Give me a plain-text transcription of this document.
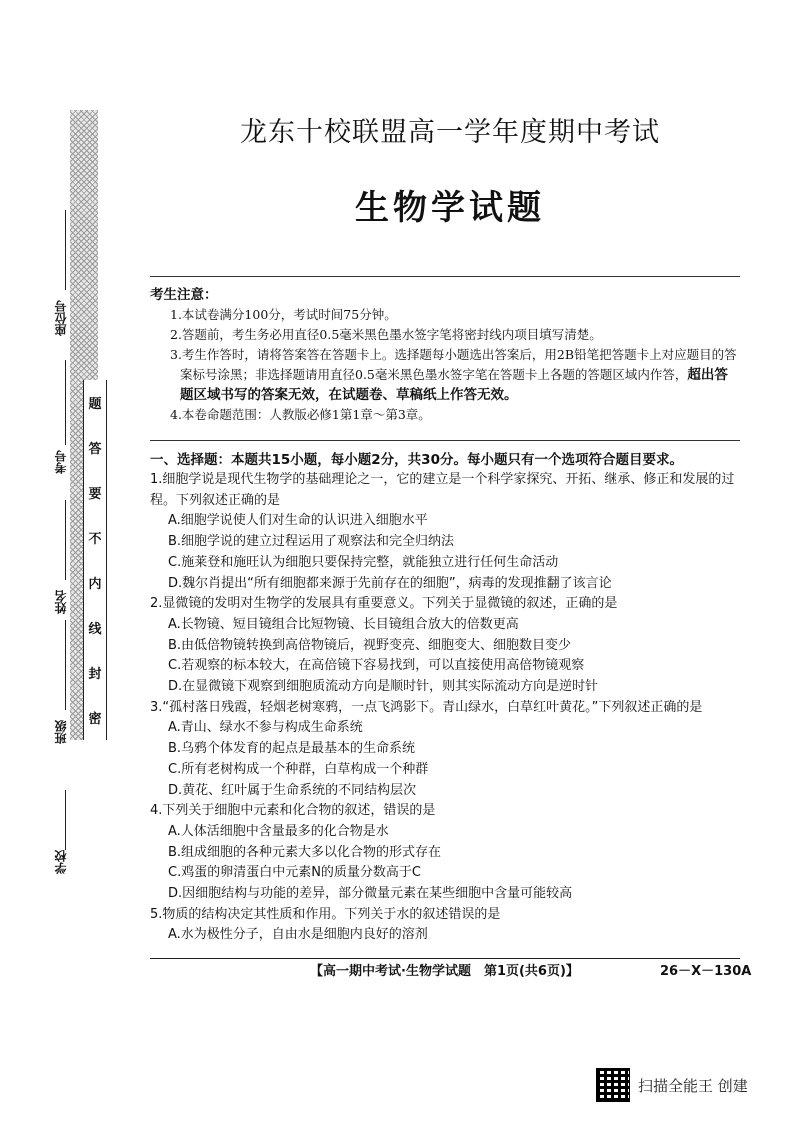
题
答
要
不
内
线
封
密
学校
班级
姓名
考号
座位号
龙东十校联盟高一学年度期中考试
生物学试题
考生注意：
1.本试卷满分100分，考试时间75分钟。
2.答题前，考生务必用直径0.5毫米黑色墨水签字笔将密封线内项目填写清楚。
3.考生作答时，请将答案答在答题卡上。选择题每小题选出答案后，用2B铅笔把答题卡上对应题目的答案标号涂黑；非选择题请用直径0.5毫米黑色墨水签字笔在答题卡上各题的答题区域内作答，超出答题区域书写的答案无效，在试题卷、草稿纸上作答无效。
4.本卷命题范围：人教版必修1第1章～第3章。
一、选择题：本题共15小题，每小题2分，共30分。每小题只有一个选项符合题目要求。
1.细胞学说是现代生物学的基础理论之一，它的建立是一个科学家探究、开拓、继承、修正和发展的过程。下列叙述正确的是
A.细胞学说使人们对生命的认识进入细胞水平
B.细胞学说的建立过程运用了观察法和完全归纳法
C.施莱登和施旺认为细胞只要保持完整，就能独立进行任何生命活动
D.魏尔肖提出“所有细胞都来源于先前存在的细胞”，病毒的发现推翻了该言论
2.显微镜的发明对生物学的发展具有重要意义。下列关于显微镜的叙述，正确的是
A.长物镜、短目镜组合比短物镜、长目镜组合放大的倍数更高
B.由低倍物镜转换到高倍物镜后，视野变亮、细胞变大、细胞数目变少
C.若观察的标本较大，在高倍镜下容易找到，可以直接使用高倍物镜观察
D.在显微镜下观察到细胞质流动方向是顺时针，则其实际流动方向是逆时针
3.“孤村落日残霞，轻烟老树寒鸦，一点飞鸿影下。青山绿水，白草红叶黄花。”下列叙述正确的是
A.青山、绿水不参与构成生命系统
B.乌鸦个体发育的起点是最基本的生命系统
C.所有老树构成一个种群，白草构成一个种群
D.黄花、红叶属于生命系统的不同结构层次
4.下列关于细胞中元素和化合物的叙述，错误的是
A.人体活细胞中含量最多的化合物是水
B.组成细胞的各种元素大多以化合物的形式存在
C.鸡蛋的卵清蛋白中元素N的质量分数高于C
D.因细胞结构与功能的差异，部分微量元素在某些细胞中含量可能较高
5.物质的结构决定其性质和作用。下列关于水的叙述错误的是
A.水为极性分子，自由水是细胞内良好的溶剂
【高一期中考试·生物学试题　第1页(共6页)】	26－X－130A
扫描全能王 创建
